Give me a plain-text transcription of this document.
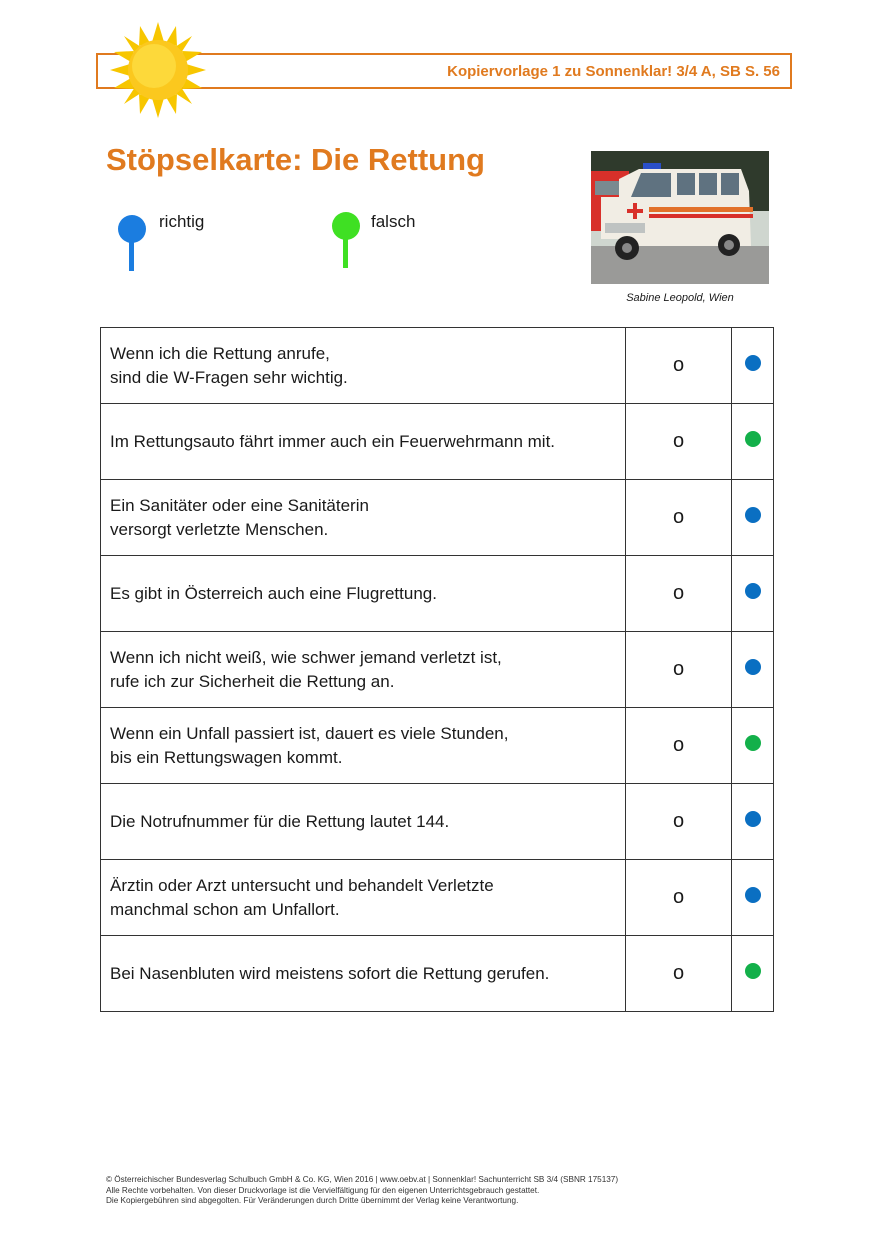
Kopiervorlage 1 zu Sonnenklar! 3/4 A, SB S. 56
Stöpselkarte: Die Rettung
richtig	falsch
Sabine Leopold, Wien
Wenn ich die Rettung anrufe,
sind die W-Fragen sehr wichtig.	o	

Im Rettungsauto fährt immer auch ein Feuerwehrmann mit.	o	

Ein Sanitäter oder eine Sanitäterin
versorgt verletzte Menschen.	o	

Es gibt in Österreich auch eine Flugrettung.	o	

Wenn ich nicht weiß, wie schwer jemand verletzt ist,
rufe ich zur Sicherheit die Rettung an.	o	

Wenn ein Unfall passiert ist, dauert es viele Stunden,
bis ein Rettungswagen kommt.	o	

Die Notrufnummer für die Rettung lautet 144.	o	

Ärztin oder Arzt untersucht und behandelt Verletzte
manchmal schon am Unfallort.	o	

Bei Nasenbluten wird meistens sofort die Rettung gerufen.	o	
© Österreichischer Bundesverlag Schulbuch GmbH & Co. KG, Wien 2016 | www.oebv.at | Sonnenklar! Sachunterricht SB 3/4 (SBNR 175137)
Alle Rechte vorbehalten. Von dieser Druckvorlage ist die Vervielfältigung für den eigenen Unterrichtsgebrauch gestattet.
Die Kopiergebühren sind abgegolten. Für Veränderungen durch Dritte übernimmt der Verlag keine Verantwortung.
